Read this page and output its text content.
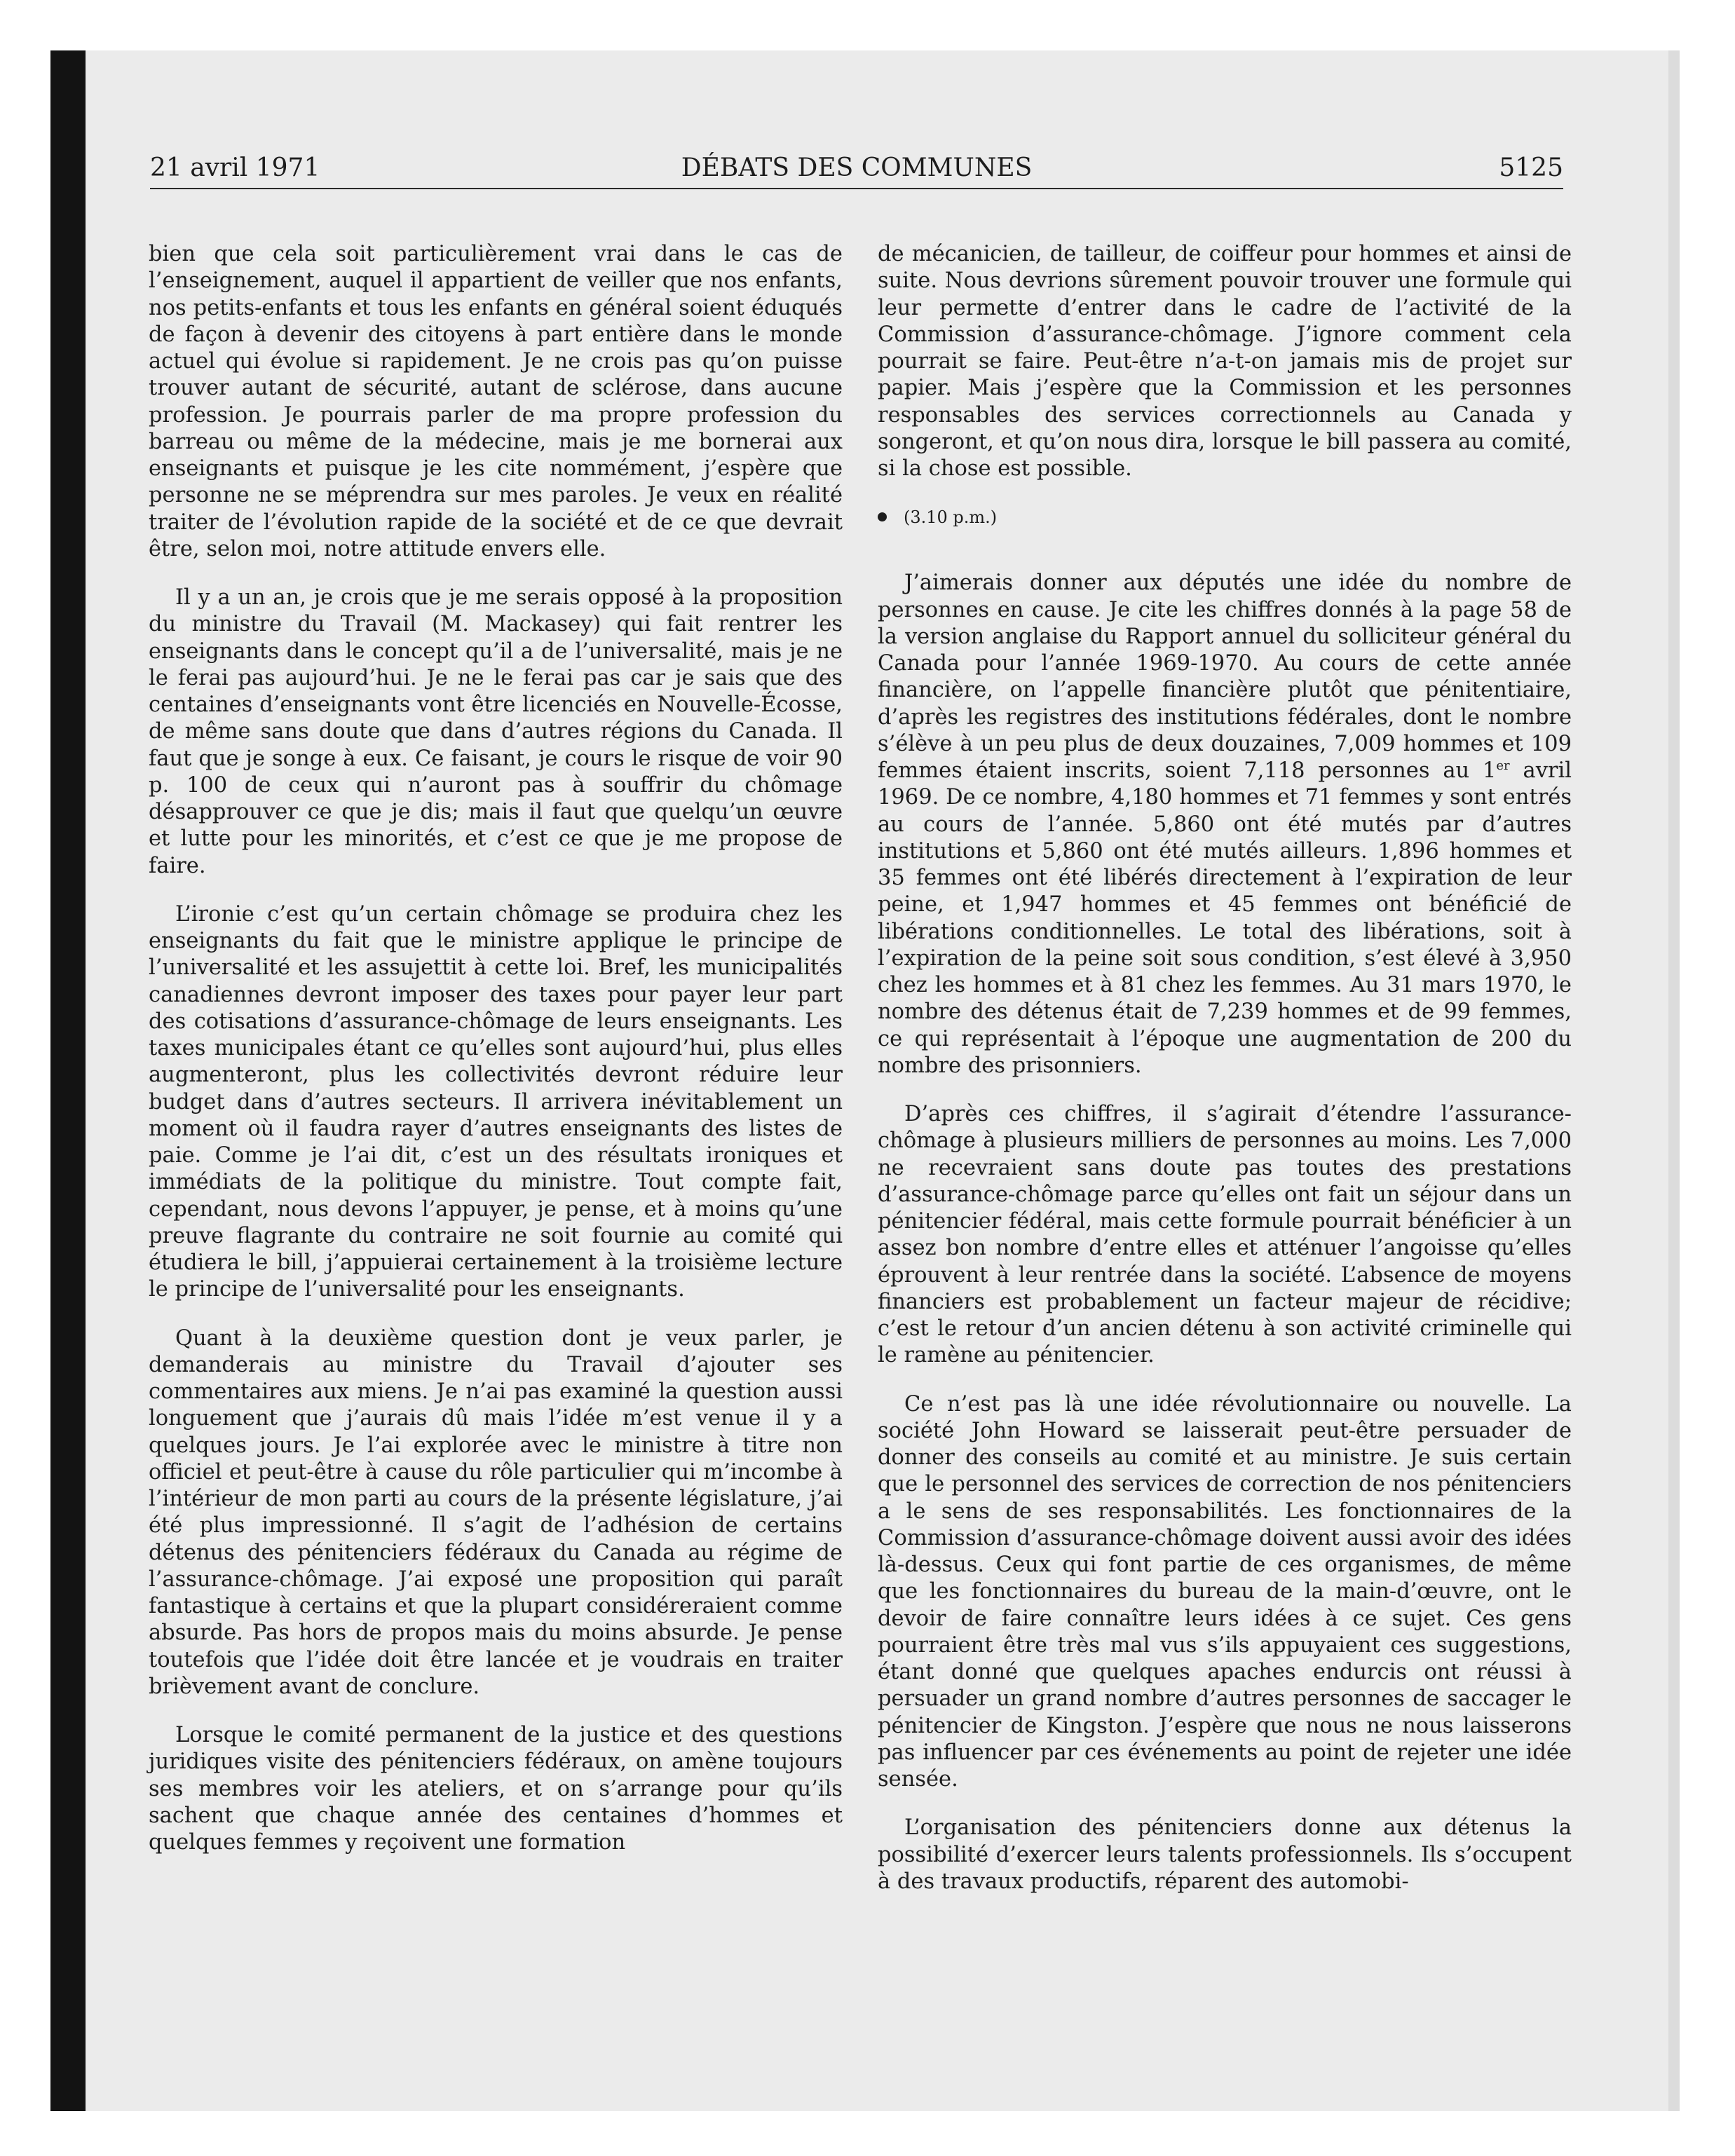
21 avril 1971	DÉBATS DES COMMUNES	5125

bien que cela soit particulièrement vrai dans le cas de l’enseignement, auquel il appartient de veiller que nos enfants, nos petits-enfants et tous les enfants en général soient éduqués de façon à devenir des citoyens à part entière dans le monde actuel qui évolue si rapidement. Je ne crois pas qu’on puisse trouver autant de sécurité, autant de sclérose, dans aucune profession. Je pourrais parler de ma propre profession du barreau ou même de la médecine, mais je me bornerai aux enseignants et puisque je les cite nommément, j’espère que personne ne se méprendra sur mes paroles. Je veux en réalité traiter de l’évolution rapide de la société et de ce que devrait être, selon moi, notre attitude envers elle.

Il y a un an, je crois que je me serais opposé à la proposition du ministre du Travail (M. Mackasey) qui fait rentrer les enseignants dans le concept qu’il a de l’universalité, mais je ne le ferai pas aujourd’hui. Je ne le ferai pas car je sais que des centaines d’enseignants vont être licenciés en Nouvelle-Écosse, de même sans doute que dans d’autres régions du Canada. Il faut que je songe à eux. Ce faisant, je cours le risque de voir 90 p. 100 de ceux qui n’auront pas à souffrir du chômage désapprouver ce que je dis; mais il faut que quelqu’un œuvre et lutte pour les minorités, et c’est ce que je me propose de faire.

L’ironie c’est qu’un certain chômage se produira chez les enseignants du fait que le ministre applique le principe de l’universalité et les assujettit à cette loi. Bref, les municipalités canadiennes devront imposer des taxes pour payer leur part des cotisations d’assurance-chômage de leurs enseignants. Les taxes municipales étant ce qu’elles sont aujourd’hui, plus elles augmenteront, plus les collectivités devront réduire leur budget dans d’autres secteurs. Il arrivera inévitablement un moment où il faudra rayer d’autres enseignants des listes de paie. Comme je l’ai dit, c’est un des résultats ironiques et immédiats de la politique du ministre. Tout compte fait, cependant, nous devons l’appuyer, je pense, et à moins qu’une preuve flagrante du contraire ne soit fournie au comité qui étudiera le bill, j’appuierai certainement à la troisième lecture le principe de l’universalité pour les enseignants.

Quant à la deuxième question dont je veux parler, je demanderais au ministre du Travail d’ajouter ses commentaires aux miens. Je n’ai pas examiné la question aussi longuement que j’aurais dû mais l’idée m’est venue il y a quelques jours. Je l’ai explorée avec le ministre à titre non officiel et peut-être à cause du rôle particulier qui m’incombe à l’intérieur de mon parti au cours de la présente législature, j’ai été plus impressionné. Il s’agit de l’adhésion de certains détenus des pénitenciers fédéraux du Canada au régime de l’assurance-chômage. J’ai exposé une proposition qui paraît fantastique à certains et que la plupart considéreraient comme absurde. Pas hors de propos mais du moins absurde. Je pense toutefois que l’idée doit être lancée et je voudrais en traiter brièvement avant de conclure.

Lorsque le comité permanent de la justice et des questions juridiques visite des pénitenciers fédéraux, on amène toujours ses membres voir les ateliers, et on s’arrange pour qu’ils sachent que chaque année des centaines d’hommes et quelques femmes y reçoivent une formation

de mécanicien, de tailleur, de coiffeur pour hommes et ainsi de suite. Nous devrions sûrement pouvoir trouver une formule qui leur permette d’entrer dans le cadre de l’activité de la Commission d’assurance-chômage. J’ignore comment cela pourrait se faire. Peut-être n’a-t-on jamais mis de projet sur papier. Mais j’espère que la Commission et les personnes responsables des services correctionnels au Canada y songeront, et qu’on nous dira, lorsque le bill passera au comité, si la chose est possible.

(3.10 p.m.)

J’aimerais donner aux députés une idée du nombre de personnes en cause. Je cite les chiffres donnés à la page 58 de la version anglaise du Rapport annuel du solliciteur général du Canada pour l’année 1969-1970. Au cours de cette année financière, on l’appelle financière plutôt que pénitentiaire, d’après les registres des institutions fédérales, dont le nombre s’élève à un peu plus de deux douzaines, 7,009 hommes et 109 femmes étaient inscrits, soient 7,118 personnes au 1er avril 1969. De ce nombre, 4,180 hommes et 71 femmes y sont entrés au cours de l’année. 5,860 ont été mutés par d’autres institutions et 5,860 ont été mutés ailleurs. 1,896 hommes et 35 femmes ont été libérés directement à l’expiration de leur peine, et 1,947 hommes et 45 femmes ont bénéficié de libérations conditionnelles. Le total des libérations, soit à l’expiration de la peine soit sous condition, s’est élevé à 3,950 chez les hommes et à 81 chez les femmes. Au 31 mars 1970, le nombre des détenus était de 7,239 hommes et de 99 femmes, ce qui représentait à l’époque une augmentation de 200 du nombre des prisonniers.

D’après ces chiffres, il s’agirait d’étendre l’assurance-chômage à plusieurs milliers de personnes au moins. Les 7,000 ne recevraient sans doute pas toutes des prestations d’assurance-chômage parce qu’elles ont fait un séjour dans un pénitencier fédéral, mais cette formule pourrait bénéficier à un assez bon nombre d’entre elles et atténuer l’angoisse qu’elles éprouvent à leur rentrée dans la société. L’absence de moyens financiers est probablement un facteur majeur de récidive; c’est le retour d’un ancien détenu à son activité criminelle qui le ramène au pénitencier.

Ce n’est pas là une idée révolutionnaire ou nouvelle. La société John Howard se laisserait peut-être persuader de donner des conseils au comité et au ministre. Je suis certain que le personnel des services de correction de nos pénitenciers a le sens de ses responsabilités. Les fonctionnaires de la Commission d’assurance-chômage doivent aussi avoir des idées là-dessus. Ceux qui font partie de ces organismes, de même que les fonctionnaires du bureau de la main-d’œuvre, ont le devoir de faire connaître leurs idées à ce sujet. Ces gens pourraient être très mal vus s’ils appuyaient ces suggestions, étant donné que quelques apaches endurcis ont réussi à persuader un grand nombre d’autres personnes de saccager le pénitencier de Kingston. J’espère que nous ne nous laisserons pas influencer par ces événements au point de rejeter une idée sensée.

L’organisation des pénitenciers donne aux détenus la possibilité d’exercer leurs talents professionnels. Ils s’occupent à des travaux productifs, réparent des automobi-
